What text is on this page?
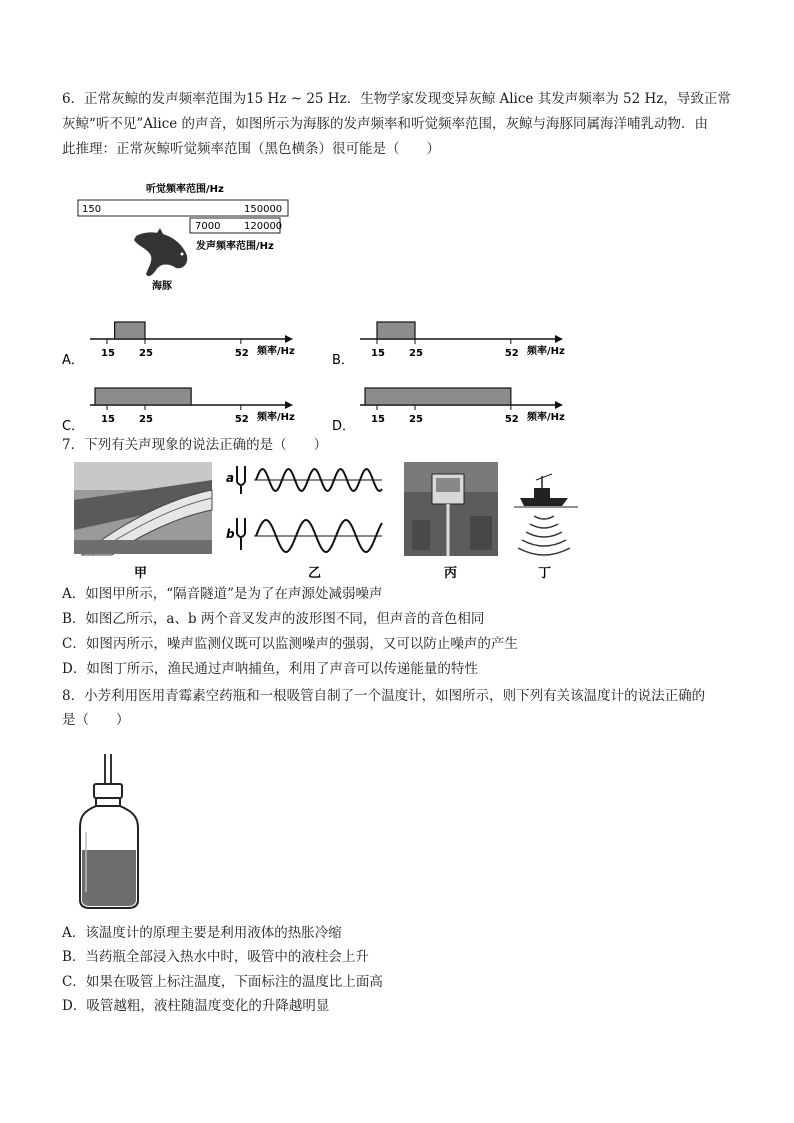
6．正常灰鲸的发声频率范围为15 Hz ~ 25 Hz．生物学家发现变异灰鲸 Alice 其发声频率为 52 Hz，导致正常
灰鲸“听不见”Alice 的声音，如图所示为海豚的发声频率和听觉频率范围，灰鲸与海豚同属海洋哺乳动物．由
此推理：正常灰鲸听觉频率范围（黑色横条）很可能是（　　）
听觉频率范围/Hz
150	150000
7000 120000
发声频率范围/Hz
海豚
A． 15 25	52 频率/Hz
B． 15 25	52 频率/Hz
C． 15 25	52 频率/Hz
D． 15 25	52 频率/Hz
7．下列有关声现象的说法正确的是（　　）
甲
a
b
乙	丙	丁
A．如图甲所示，“隔音隧道”是为了在声源处减弱噪声
B．如图乙所示，a、b 两个音叉发声的波形图不同，但声音的音色相同
C．如图丙所示，噪声监测仪既可以监测噪声的强弱，又可以防止噪声的产生
D．如图丁所示，渔民通过声呐捕鱼，利用了声音可以传递能量的特性
8．小芳利用医用青霉素空药瓶和一根吸管自制了一个温度计，如图所示，则下列有关该温度计的说法正确的
是（　　）
A．该温度计的原理主要是利用液体的热胀冷缩
B．当药瓶全部浸入热水中时，吸管中的液柱会上升
C．如果在吸管上标注温度，下面标注的温度比上面高
D．吸管越粗，液柱随温度变化的升降越明显
